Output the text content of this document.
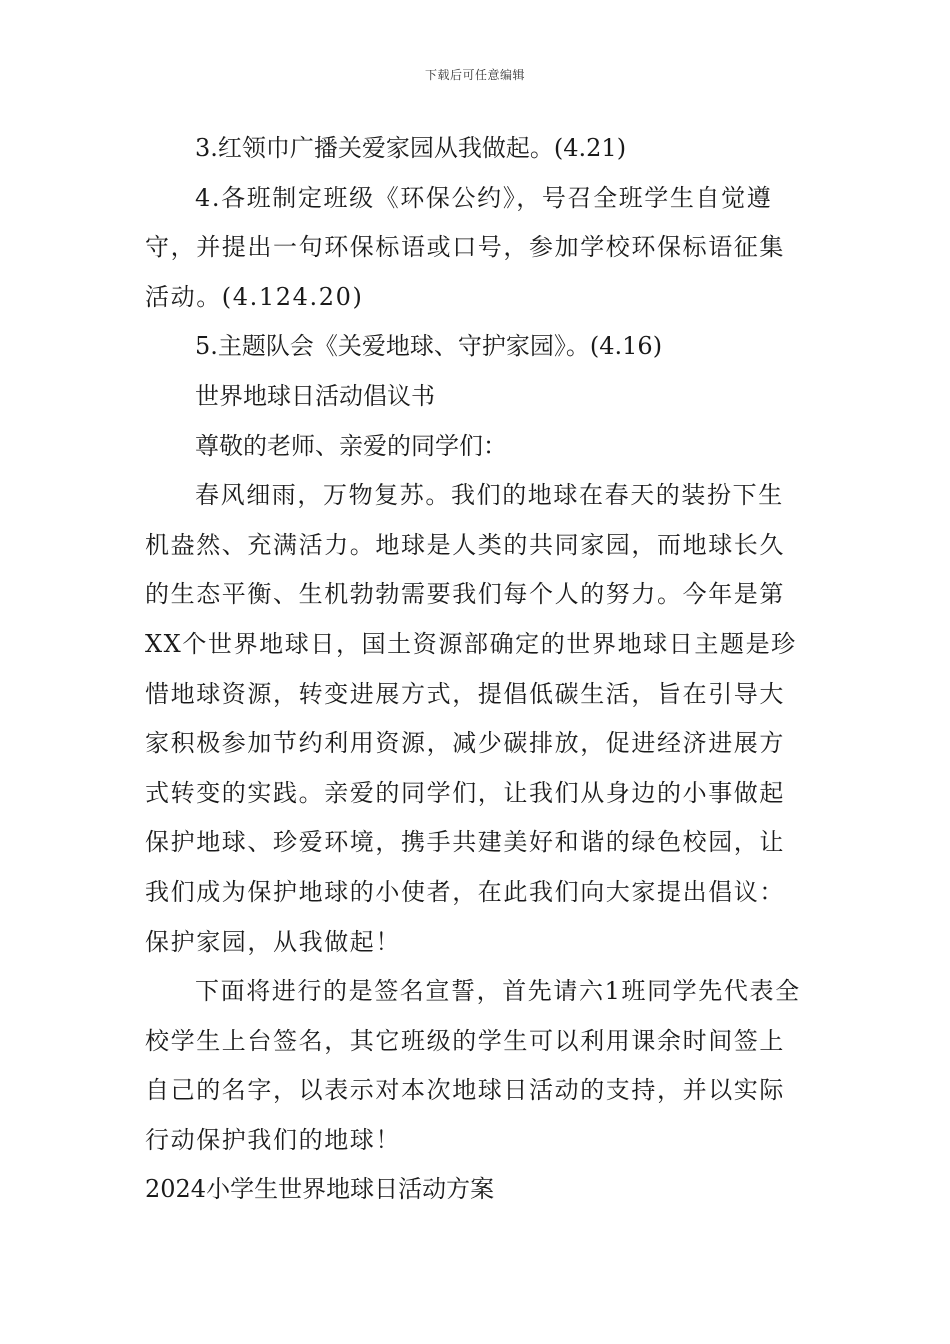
下载后可任意编辑

3.红领巾广播关爱家园从我做起。(4.21)

4.各班制定班级《环保公约》，号召全班学生自觉遵守，并提出一句环保标语或口号，参加学校环保标语征集活动。(4.124.20)

5.主题队会《关爱地球、守护家园》。(4.16)

世界地球日活动倡议书

尊敬的老师、亲爱的同学们：

春风细雨，万物复苏。我们的地球在春天的装扮下生机盎然、充满活力。地球是人类的共同家园，而地球长久的生态平衡、生机勃勃需要我们每个人的努力。今年是第XX个世界地球日，国土资源部确定的世界地球日主题是珍惜地球资源，转变进展方式，提倡低碳生活，旨在引导大家积极参加节约利用资源，减少碳排放，促进经济进展方式转变的实践。亲爱的同学们，让我们从身边的小事做起保护地球、珍爱环境，携手共建美好和谐的绿色校园，让我们成为保护地球的小使者，在此我们向大家提出倡议：保护家园，从我做起！

下面将进行的是签名宣誓，首先请六1班同学先代表全校学生上台签名，其它班级的学生可以利用课余时间签上自己的名字，以表示对本次地球日活动的支持，并以实际行动保护我们的地球！

2024小学生世界地球日活动方案
